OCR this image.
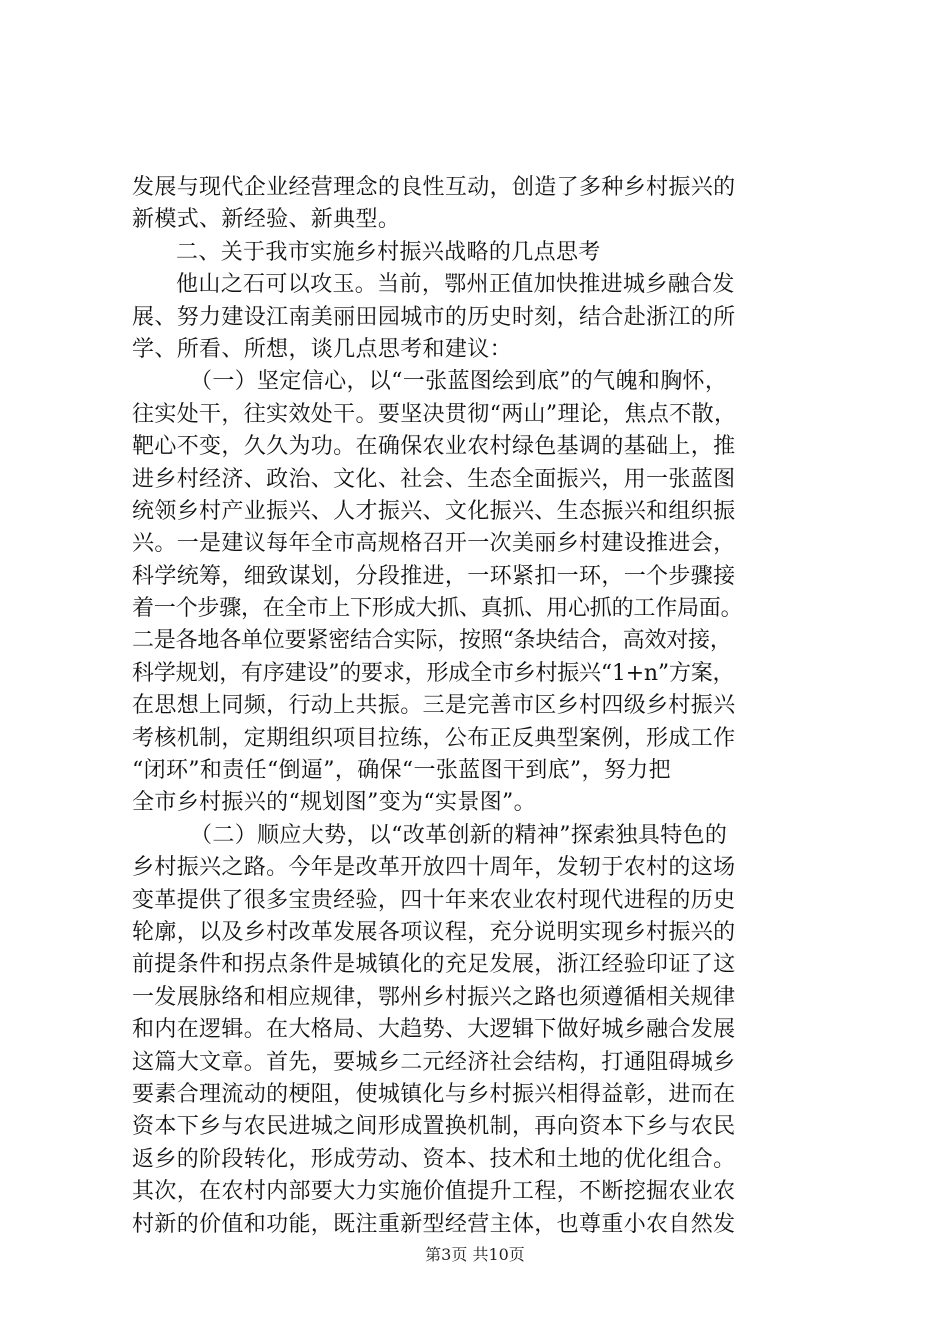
发展与现代企业经营理念的良性互动，创造了多种乡村振兴的
新模式、新经验、新典型。
二、关于我市实施乡村振兴战略的几点思考
他山之石可以攻玉。当前，鄂州正值加快推进城乡融合发
展、努力建设江南美丽田园城市的历史时刻，结合赴浙江的所
学、所看、所想，谈几点思考和建议：
（一）坚定信心，以“一张蓝图绘到底”的气魄和胸怀，
往实处干，往实效处干。要坚决贯彻“两山”理论，焦点不散，
靶心不变，久久为功。在确保农业农村绿色基调的基础上，推
进乡村经济、政治、文化、社会、生态全面振兴，用一张蓝图
统领乡村产业振兴、人才振兴、文化振兴、生态振兴和组织振
兴。一是建议每年全市高规格召开一次美丽乡村建设推进会，
科学统筹，细致谋划，分段推进，一环紧扣一环，一个步骤接
着一个步骤，在全市上下形成大抓、真抓、用心抓的工作局面。
二是各地各单位要紧密结合实际，按照“条块结合，高效对接，
科学规划，有序建设”的要求，形成全市乡村振兴“1+n”方案，
在思想上同频，行动上共振。三是完善市区乡村四级乡村振兴
考核机制，定期组织项目拉练，公布正反典型案例，形成工作
“闭环”和责任“倒逼”，确保“一张蓝图干到底”，努力把
全市乡村振兴的“规划图”变为“实景图”。
（二）顺应大势，以“改革创新的精神”探索独具特色的
乡村振兴之路。今年是改革开放四十周年，发轫于农村的这场
变革提供了很多宝贵经验，四十年来农业农村现代进程的历史
轮廓，以及乡村改革发展各项议程，充分说明实现乡村振兴的
前提条件和拐点条件是城镇化的充足发展，浙江经验印证了这
一发展脉络和相应规律，鄂州乡村振兴之路也须遵循相关规律
和内在逻辑。在大格局、大趋势、大逻辑下做好城乡融合发展
这篇大文章。首先，要城乡二元经济社会结构，打通阻碍城乡
要素合理流动的梗阻，使城镇化与乡村振兴相得益彰，进而在
资本下乡与农民进城之间形成置换机制，再向资本下乡与农民
返乡的阶段转化，形成劳动、资本、技术和土地的优化组合。
其次，在农村内部要大力实施价值提升工程，不断挖掘农业农
村新的价值和功能，既注重新型经营主体，也尊重小农自然发
第3页 共10页
